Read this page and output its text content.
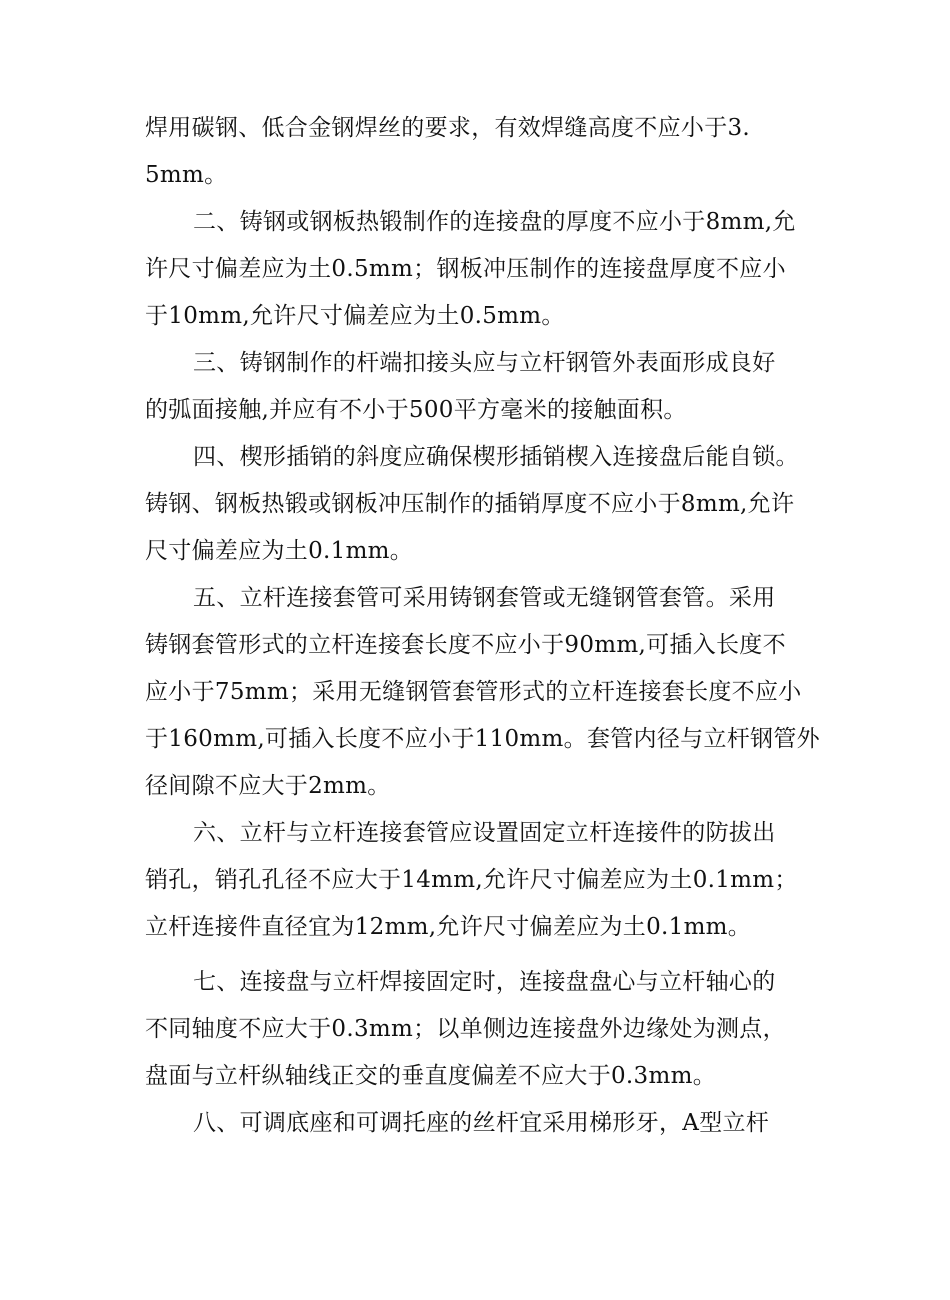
焊用碳钢、低合金钢焊丝的要求，有效焊缝高度不应小于3.
5mm。
二、铸钢或钢板热锻制作的连接盘的厚度不应小于8mm,允
许尺寸偏差应为土0.5mm；钢板冲压制作的连接盘厚度不应小
于10mm,允许尺寸偏差应为土0.5mm。
三、铸钢制作的杆端扣接头应与立杆钢管外表面形成良好
的弧面接触,并应有不小于500平方毫米的接触面积。
四、楔形插销的斜度应确保楔形插销楔入连接盘后能自锁。
铸钢、钢板热锻或钢板冲压制作的插销厚度不应小于8mm,允许
尺寸偏差应为土0.1mm。
五、立杆连接套管可采用铸钢套管或无缝钢管套管。采用
铸钢套管形式的立杆连接套长度不应小于90mm,可插入长度不
应小于75mm；采用无缝钢管套管形式的立杆连接套长度不应小
于160mm,可插入长度不应小于110mm。套管内径与立杆钢管外
径间隙不应大于2mm。
六、立杆与立杆连接套管应设置固定立杆连接件的防拔出
销孔，销孔孔径不应大于14mm,允许尺寸偏差应为土0.1mm；
立杆连接件直径宜为12mm,允许尺寸偏差应为土0.1mm。
七、连接盘与立杆焊接固定时，连接盘盘心与立杆轴心的
不同轴度不应大于0.3mm；以单侧边连接盘外边缘处为测点，
盘面与立杆纵轴线正交的垂直度偏差不应大于0.3mm。
八、可调底座和可调托座的丝杆宜采用梯形牙，A型立杆
